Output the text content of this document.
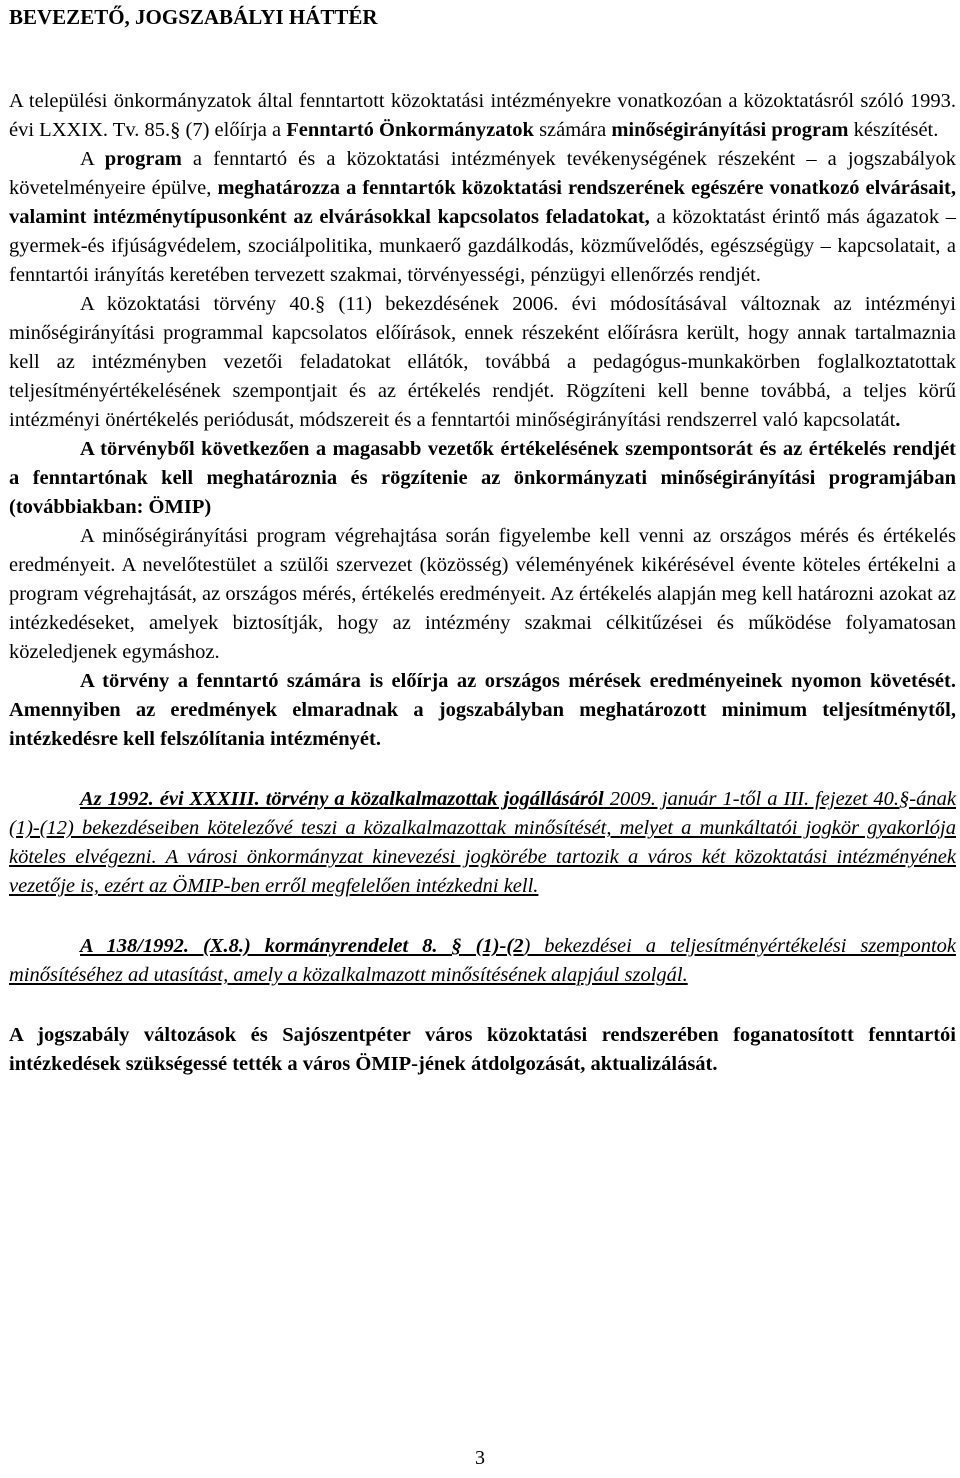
BEVEZETŐ, JOGSZABÁLYI HÁTTÉR

A települési önkormányzatok által fenntartott közoktatási intézményekre vonatkozóan a közoktatásról szóló 1993. évi LXXIX. Tv. 85.§ (7) előírja a Fenntartó Önkormányzatok számára minőségirányítási program készítését.

A program a fenntartó és a közoktatási intézmények tevékenységének részeként – a jogszabályok követelményeire épülve, meghatározza a fenntartók közoktatási rendszerének egészére vonatkozó elvárásait, valamint intézménytípusonként az elvárásokkal kapcsolatos feladatokat, a közoktatást érintő más ágazatok – gyermek-és ifjúságvédelem, szociálpolitika, munkaerő gazdálkodás, közművelődés, egészségügy – kapcsolatait, a fenntartói irányítás keretében tervezett szakmai, törvényességi, pénzügyi ellenőrzés rendjét.

A közoktatási törvény 40.§ (11) bekezdésének 2006. évi módosításával változnak az intézményi minőségirányítási programmal kapcsolatos előírások, ennek részeként előírásra került, hogy annak tartalmaznia kell az intézményben vezetői feladatokat ellátók, továbbá a pedagógus-munkakörben foglalkoztatottak teljesítményértékelésének szempontjait és az értékelés rendjét. Rögzíteni kell benne továbbá, a teljes körű intézményi önértékelés periódusát, módszereit és a fenntartói minőségirányítási rendszerrel való kapcsolatát.

A törvényből következően a magasabb vezetők értékelésének szempontsorát és az értékelés rendjét a fenntartónak kell meghatároznia és rögzítenie az önkormányzati minőségirányítási programjában (továbbiakban: ÖMIP)

A minőségirányítási program végrehajtása során figyelembe kell venni az országos mérés és értékelés eredményeit. A nevelőtestület a szülői szervezet (közösség) véleményének kikérésével évente köteles értékelni a program végrehajtását, az országos mérés, értékelés eredményeit. Az értékelés alapján meg kell határozni azokat az intézkedéseket, amelyek biztosítják, hogy az intézmény szakmai célkitűzései és működése folyamatosan közeledjenek egymáshoz.

A törvény a fenntartó számára is előírja az országos mérések eredményeinek nyomon követését. Amennyiben az eredmények elmaradnak a jogszabályban meghatározott minimum teljesítménytől, intézkedésre kell felszólítania intézményét.

Az 1992. évi XXXIII. törvény a közalkalmazottak jogállásáról 2009. január 1-től a III. fejezet 40.§-ának (1)-(12) bekezdéseiben kötelezővé teszi a közalkalmazottak minősítését, melyet a munkáltatói jogkör gyakorlója köteles elvégezni. A városi önkormányzat kinevezési jogkörébe tartozik a város két közoktatási intézményének vezetője is, ezért az ÖMIP-ben erről megfelelően intézkedni kell.

A 138/1992. (X.8.) kormányrendelet 8. § (1)-(2) bekezdései a teljesítményértékelési szempontok minősítéséhez ad utasítást, amely a közalkalmazott minősítésének alapjául szolgál.

A jogszabály változások és Sajószentpéter város közoktatási rendszerében foganatosított fenntartói intézkedések szükségessé tették a város ÖMIP-jének átdolgozását, aktualizálását.

3
